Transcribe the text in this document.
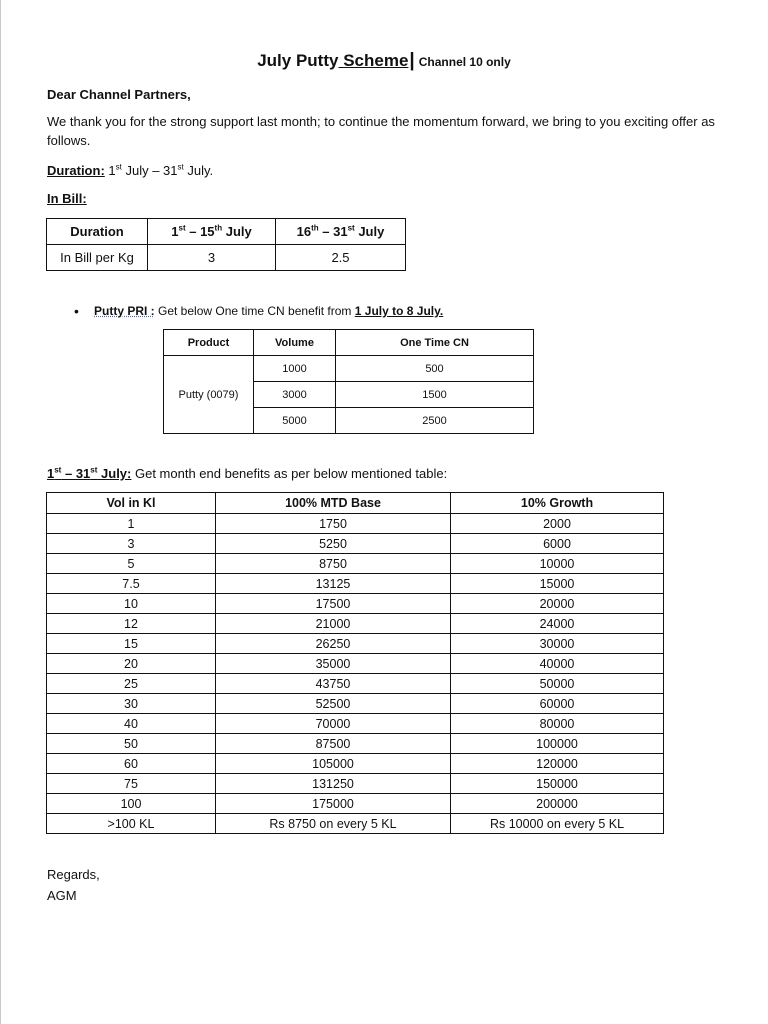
July Putty Scheme| Channel 10 only
Dear Channel Partners,
We thank you for the strong support last month; to continue the momentum forward, we bring to you exciting offer as follows.
Duration: 1st July – 31st July.
In Bill:
Duration	1st – 15th July	16th – 31st July
In Bill per Kg	3	2.5
• Putty PRI : Get below One time CN benefit from 1 July to 8 July.
Product	Volume	One Time CN
Putty (0079)	1000	500
	3000	1500
	5000	2500
1st – 31st July: Get month end benefits as per below mentioned table:
Vol in Kl	100% MTD Base	10% Growth
1	1750	2000
3	5250	6000
5	8750	10000
7.5	13125	15000
10	17500	20000
12	21000	24000
15	26250	30000
20	35000	40000
25	43750	50000
30	52500	60000
40	70000	80000
50	87500	100000
60	105000	120000
75	131250	150000
100	175000	200000
>100 KL	Rs 8750 on every 5 KL	Rs 10000 on every 5 KL
Regards,
AGM
